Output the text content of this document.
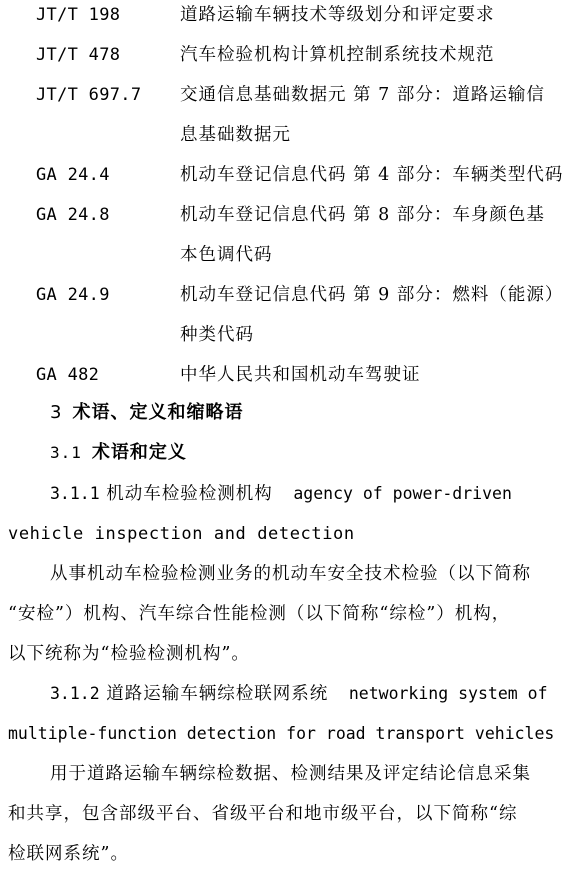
JT/T 198	道路运输车辆技术等级划分和评定要求
JT/T 478	汽车检验机构计算机控制系统技术规范
JT/T 697.7 交通信息基础数据元 第 7 部分：道路运输信
息基础数据元
GA 24.4	机动车登记信息代码 第 4 部分：车辆类型代码
GA 24.8	机动车登记信息代码 第 8 部分：车身颜色基
本色调代码
GA 24.9	机动车登记信息代码 第 9 部分：燃料（能源）
种类代码
GA 482	中华人民共和国机动车驾驶证
3 术语、定义和缩略语
3.1 术语和定义
3.1.1 机动车检验检测机构 agency of power-driven
vehicle inspection and detection
从事机动车检验检测业务的机动车安全技术检验（以下简称
“安检”）机构、汽车综合性能检测（以下简称“综检”）机构，
以下统称为“检验检测机构”。
3.1.2 道路运输车辆综检联网系统 networking system of
multiple-function detection for road transport vehicles
用于道路运输车辆综检数据、检测结果及评定结论信息采集
和共享，包含部级平台、省级平台和地市级平台，以下简称“综
检联网系统”。
